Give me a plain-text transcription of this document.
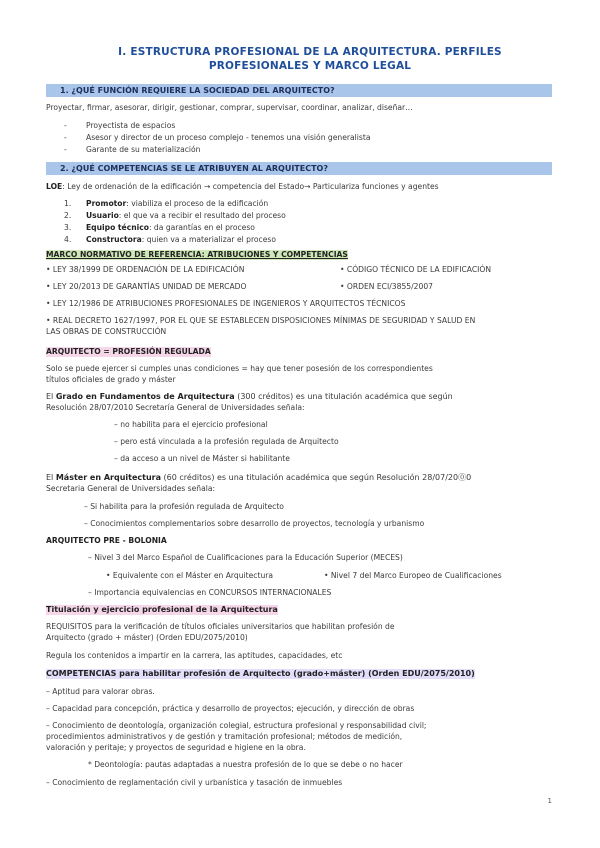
I. ESTRUCTURA PROFESIONAL DE LA ARQUITECTURA. PERFILES
PROFESIONALES Y MARCO LEGAL
1. ¿QUÉ FUNCIÓN REQUIERE LA SOCIEDAD DEL ARQUITECTO?
Proyectar, firmar, asesorar, dirigir, gestionar, comprar, supervisar, coordinar, analizar, diseñar…
-	Proyectista de espacios
-	Asesor y director de un proceso complejo - tenemos una visión generalista
-	Garante de su materialización
2. ¿QUÉ COMPETENCIAS SE LE ATRIBUYEN AL ARQUITECTO?
LOE: Ley de ordenación de la edificación → competencia del Estado→ Particulariza funciones y agentes
1. Promotor: viabiliza el proceso de la edificación
2. Usuario: el que va a recibir el resultado del proceso
3. Equipo técnico: da garantías en el proceso
4. Constructora: quien va a materializar el proceso
MARCO NORMATIVO DE REFERENCIA: ATRIBUCIONES Y COMPETENCIAS
• LEY 38/1999 DE ORDENACIÓN DE LA EDIFICACIÓN	• CÓDIGO TÉCNICO DE LA EDIFICACIÓN
• LEY 20/2013 DE GARANTÍAS UNIDAD DE MERCADO	• ORDEN ECI/3855/2007
• LEY 12/1986 DE ATRIBUCIONES PROFESIONALES DE INGENIEROS Y ARQUITECTOS TÉCNICOS
• REAL DECRETO 1627/1997, POR EL QUE SE ESTABLECEN DISPOSICIONES MÍNIMAS DE SEGURIDAD Y SALUD EN
LAS OBRAS DE CONSTRUCCIÓN
ARQUITECTO = PROFESIÓN REGULADA
Solo se puede ejercer si cumples unas condiciones = hay que tener posesión de los correspondientes
títulos oficiales de grado y máster
El Grado en Fundamentos de Arquitectura (300 créditos) es una titulación académica que según
Resolución 28/07/2010 Secretaría General de Universidades señala:
– no habilita para el ejercicio profesional
– pero está vinculada a la profesión regulada de Arquitecto
– da acceso a un nivel de Máster si habilitante
El Máster en Arquitectura (60 créditos) es una titulación académica que según Resolución 28/07/20⓪0
Secretaria General de Universidades señala:
– Si habilita para la profesión regulada de Arquitecto
– Conocimientos complementarios sobre desarrollo de proyectos, tecnología y urbanismo
ARQUITECTO PRE - BOLONIA
– Nivel 3 del Marco Español de Cualificaciones para la Educación Superior (MECES)
• Equivalente con el Máster en Arquitectura	• Nivel 7 del Marco Europeo de Cualificaciones
– Importancia equivalencias en CONCURSOS INTERNACIONALES
Titulación y ejercicio profesional de la Arquitectura
REQUISITOS para la verificación de títulos oficiales universitarios que habilitan profesión de
Arquitecto (grado + máster) (Orden EDU/2075/2010)
Regula los contenidos a impartir en la carrera, las aptitudes, capacidades, etc
COMPETENCIAS para habilitar profesión de Arquitecto (grado+máster) (Orden EDU/2075/2010)
– Aptitud para valorar obras.
– Capacidad para concepción, práctica y desarrollo de proyectos; ejecución, y dirección de obras
– Conocimiento de deontología, organización colegial, estructura profesional y responsabilidad civil;
procedimientos administrativos y de gestión y tramitación profesional; métodos de medición,
valoración y peritaje; y proyectos de seguridad e higiene en la obra.
* Deontología: pautas adaptadas a nuestra profesión de lo que se debe o no hacer
– Conocimiento de reglamentación civil y urbanística y tasación de inmuebles
1
